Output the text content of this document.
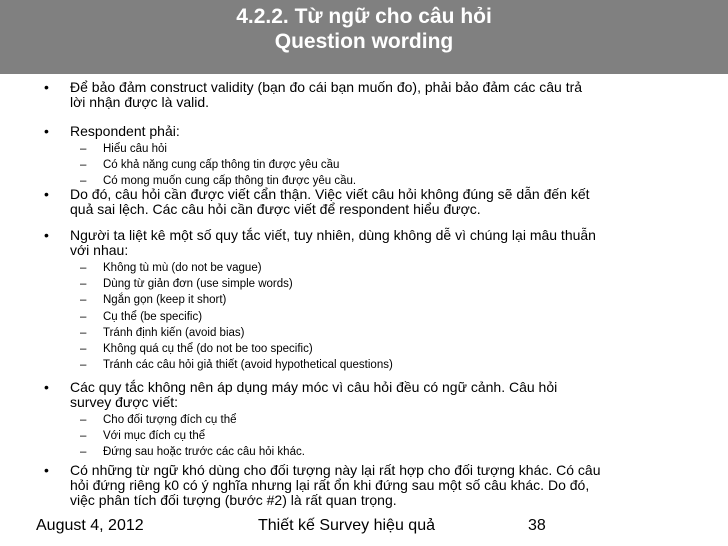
4.2.2. Từ ngữ cho câu hỏi
Question wording
• Để bảo đảm construct validity (bạn đo cái bạn muốn đo), phải bảo đảm các câu trả
lời nhận được là valid.
• Respondent phải:
– Hiểu câu hỏi
– Có khả năng cung cấp thông tin được yêu cầu
– Có mong muốn cung cấp thông tin được yêu cầu.
• Do đó, câu hỏi cần được viết cẩn thận. Việc viết câu hỏi không đúng sẽ dẫn đến kết
quả sai lệch. Các câu hỏi cần được viết để respondent hiểu được.
• Người ta liệt kê một số quy tắc viết, tuy nhiên, dùng không dễ vì chúng lại mâu thuẫn
với nhau:
– Không tù mù (do not be vague)
– Dùng từ giản đơn (use simple words)
– Ngắn gọn (keep it short)
– Cụ thể (be specific)
– Tránh định kiến (avoid bias)
– Không quá cụ thể (do not be too specific)
– Tránh các câu hỏi giả thiết (avoid hypothetical questions)
• Các quy tắc không nên áp dụng máy móc vì câu hỏi đều có ngữ cảnh. Câu hỏi
survey được viết:
– Cho đối tượng đích cụ thể
– Với mục đích cụ thể
– Đứng sau hoặc trước các câu hỏi khác.
• Có những từ ngữ khó dùng cho đối tượng này lại rất hợp cho đối tượng khác. Có câu
hỏi đứng riêng k0 có ý nghĩa nhưng lại rất ổn khi đứng sau một số câu khác. Do đó,
việc phân tích đối tượng (bước #2) là rất quan trọng.
August 4, 2012	Thiết kế Survey hiệu quả	38
